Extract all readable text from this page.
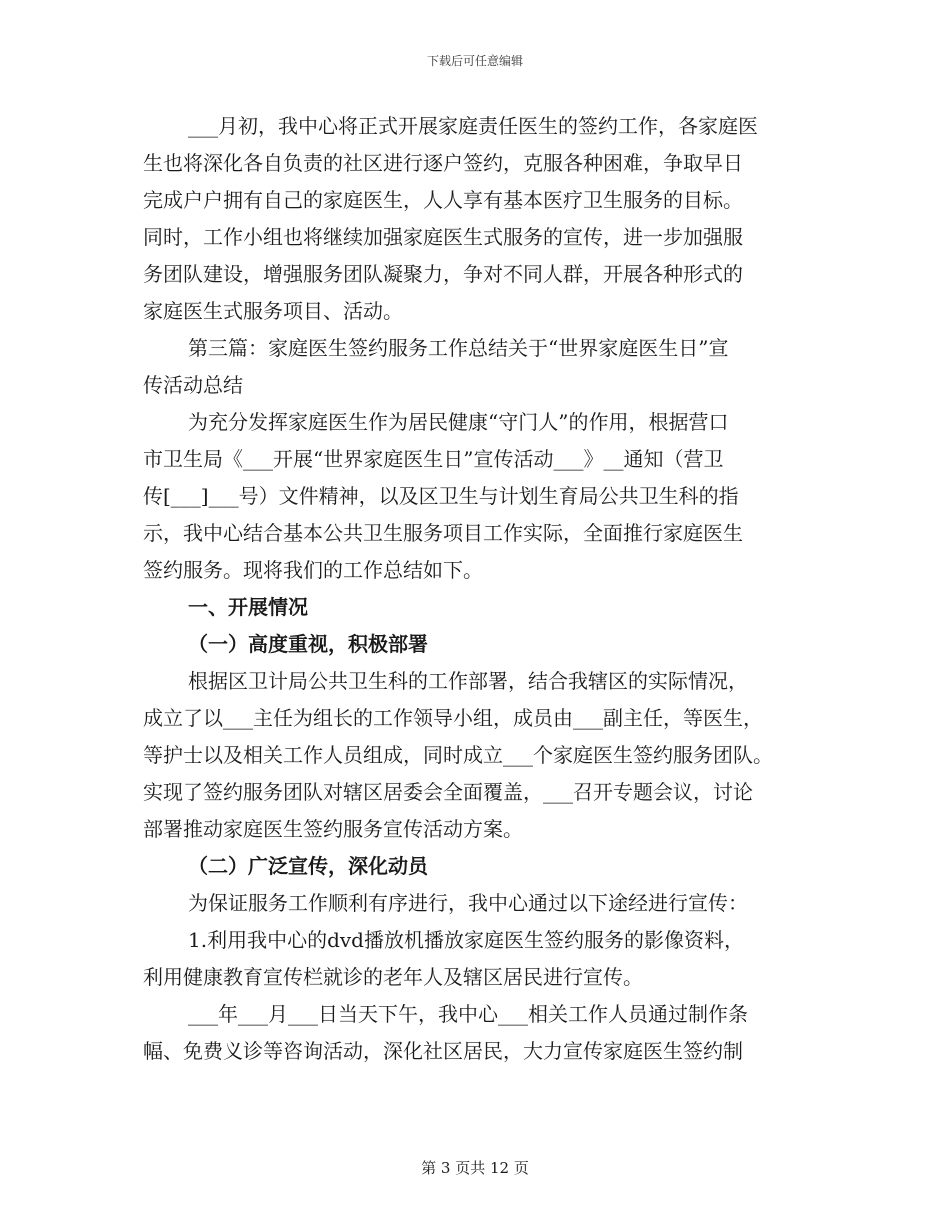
下载后可任意编辑
___月初，我中心将正式开展家庭责任医生的签约工作，各家庭医
生也将深化各自负责的社区进行逐户签约，克服各种困难，争取早日
完成户户拥有自己的家庭医生，人人享有基本医疗卫生服务的目标。
同时，工作小组也将继续加强家庭医生式服务的宣传，进一步加强服
务团队建设，增强服务团队凝聚力，争对不同人群，开展各种形式的
家庭医生式服务项目、活动。
第三篇：家庭医生签约服务工作总结关于“世界家庭医生日”宣
传活动总结
为充分发挥家庭医生作为居民健康“守门人”的作用，根据营口
市卫生局《___开展“世界家庭医生日”宣传活动___》__通知（营卫
传[___]___号）文件精神，以及区卫生与计划生育局公共卫生科的指
示，我中心结合基本公共卫生服务项目工作实际，全面推行家庭医生
签约服务。现将我们的工作总结如下。
一、开展情况
（一）高度重视，积极部署
根据区卫计局公共卫生科的工作部署，结合我辖区的实际情况，
成立了以___主任为组长的工作领导小组，成员由___副主任，等医生，
等护士以及相关工作人员组成，同时成立___个家庭医生签约服务团队。
实现了签约服务团队对辖区居委会全面覆盖，___召开专题会议，讨论
部署推动家庭医生签约服务宣传活动方案。
（二）广泛宣传，深化动员
为保证服务工作顺利有序进行，我中心通过以下途经进行宣传：
1.利用我中心的dvd播放机播放家庭医生签约服务的影像资料，
利用健康教育宣传栏就诊的老年人及辖区居民进行宣传。
___年___月___日当天下午，我中心___相关工作人员通过制作条
幅、免费义诊等咨询活动，深化社区居民，大力宣传家庭医生签约制
第 3 页共 12 页
